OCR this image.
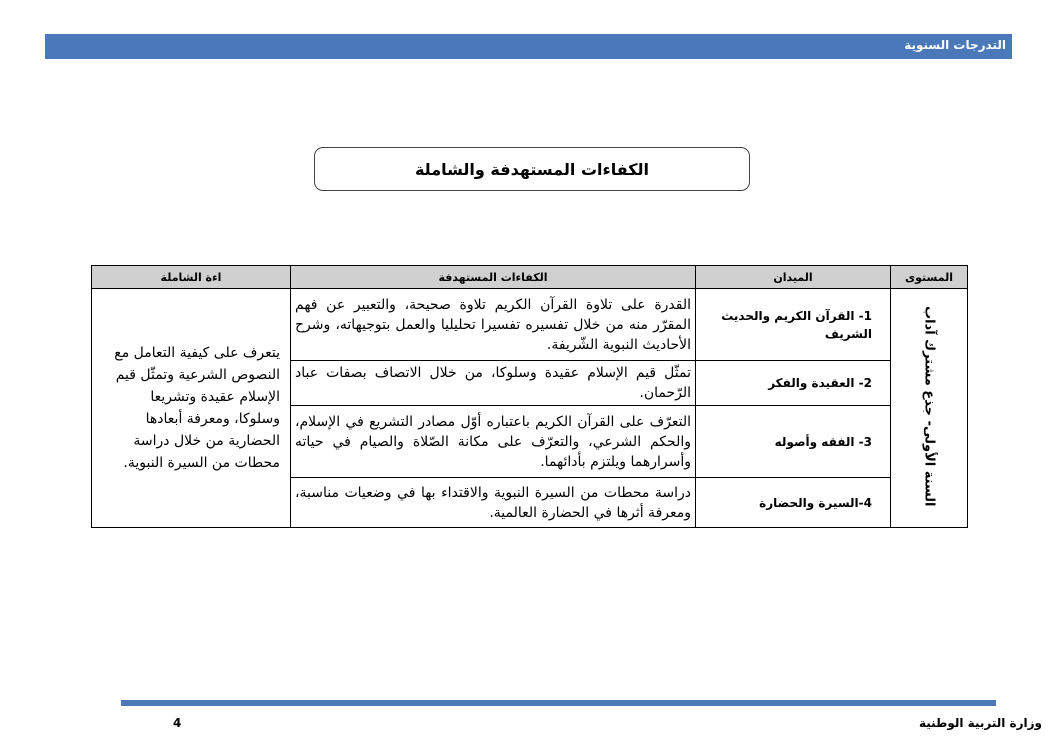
التدرجات السنوية
الكفاءات المستهدفة والشاملة
المستوى	الميدان	الكفاءات المستهدفة	اءة الشاملة
السنة الأولى- جذع مشترك آداب	1- القرآن الكريم والحديث الشريف	القدرة على تلاوة القرآن الكريم تلاوة صحيحة، والتعبير عن فهم المقرّر منه من خلال تفسيره تفسيرا تحليليا والعمل بتوجيهاته، وشرح الأحاديث النبوية الشّريفة.	يتعرف على كيفية التعامل مع النصوص الشرعية وتمثّل قيم الإسلام عقيدة وتشريعا وسلوكا، ومعرفة أبعادها الحضارية من خلال دراسة محطات من السيرة النبوية.
	2- العقيدة والفكر	تمثّل قيم الإسلام عقيدة وسلوكا، من خلال الاتصاف بصفات عباد الرّحمان.	
	3- الفقه وأصوله	التعرّف على القرآن الكريم باعتباره أوّل مصادر التشريع في الإسلام، والحكم الشرعي، والتعرّف على مكانة الصّلاة والصيام في حياته وأسرارهما ويلتزم بأدائهما.	
	4-السيرة والحضارة	دراسة محطات من السيرة النبوية والاقتداء بها في وضعيات مناسبة، ومعرفة أثرها في الحضارة العالمية.	
وزارة التربية الوطنية
4
